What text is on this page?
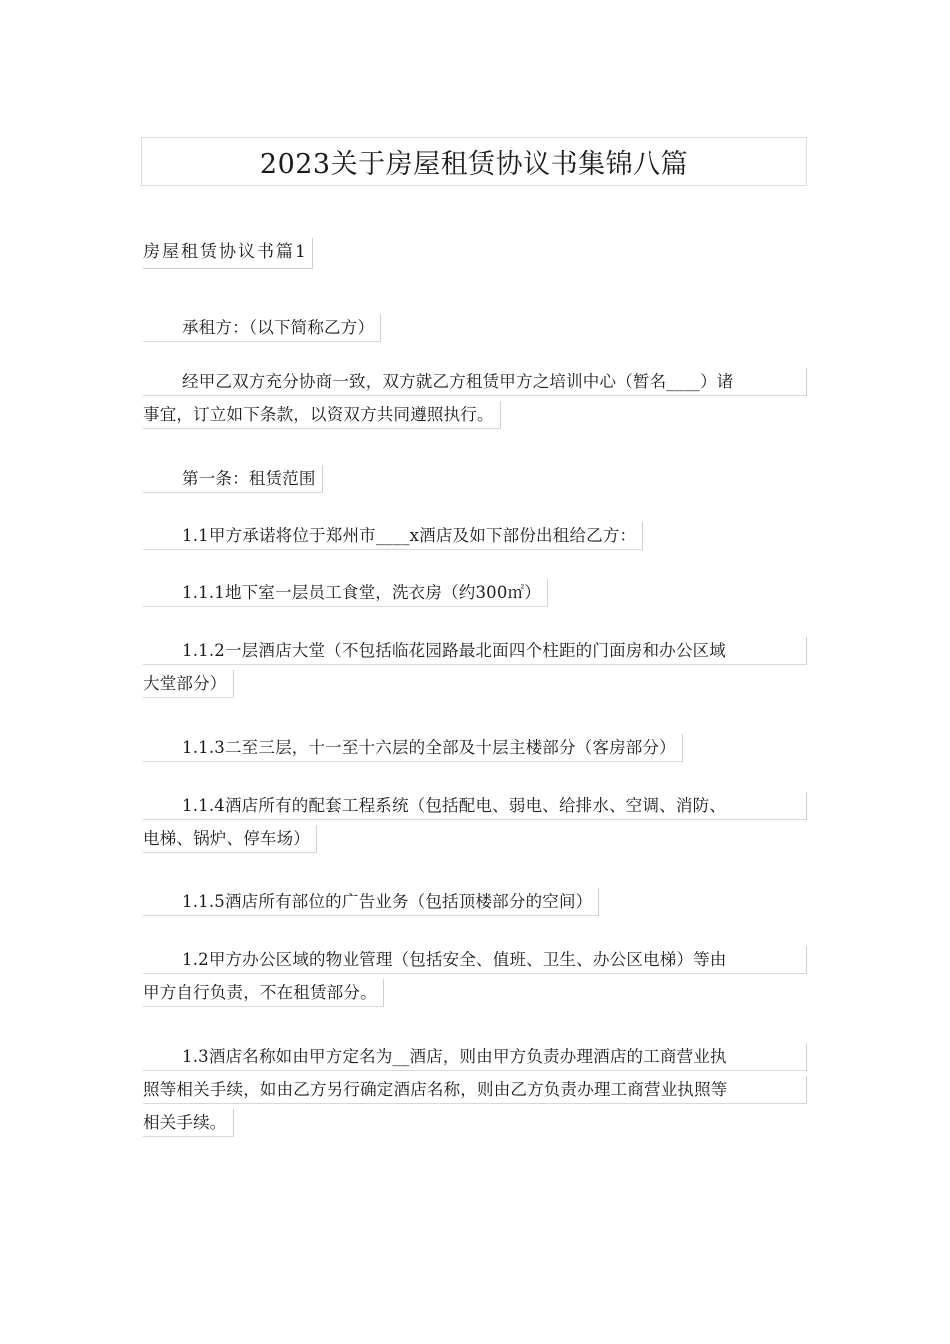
2023关于房屋租赁协议书集锦八篇
房屋租赁协议书篇1
承租方：（以下简称乙方）
经甲乙双方充分协商一致，双方就乙方租赁甲方之培训中心（暂名____）诸
事宜，订立如下条款，以资双方共同遵照执行。
第一条：租赁范围
1.1甲方承诺将位于郑州市____x酒店及如下部份出租给乙方：
1.1.1地下室一层员工食堂，洗衣房（约300㎡）
1.1.2一层酒店大堂（不包括临花园路最北面四个柱距的门面房和办公区域
大堂部分）
1.1.3二至三层，十一至十六层的全部及十层主楼部分（客房部分）
1.1.4酒店所有的配套工程系统（包括配电、弱电、给排水、空调、消防、
电梯、锅炉、停车场）
1.1.5酒店所有部位的广告业务（包括顶楼部分的空间）
1.2甲方办公区域的物业管理（包括安全、值班、卫生、办公区电梯）等由
甲方自行负责，不在租赁部分。
1.3酒店名称如由甲方定名为__酒店，则由甲方负责办理酒店的工商营业执
照等相关手续，如由乙方另行确定酒店名称，则由乙方负责办理工商营业执照等
相关手续。
